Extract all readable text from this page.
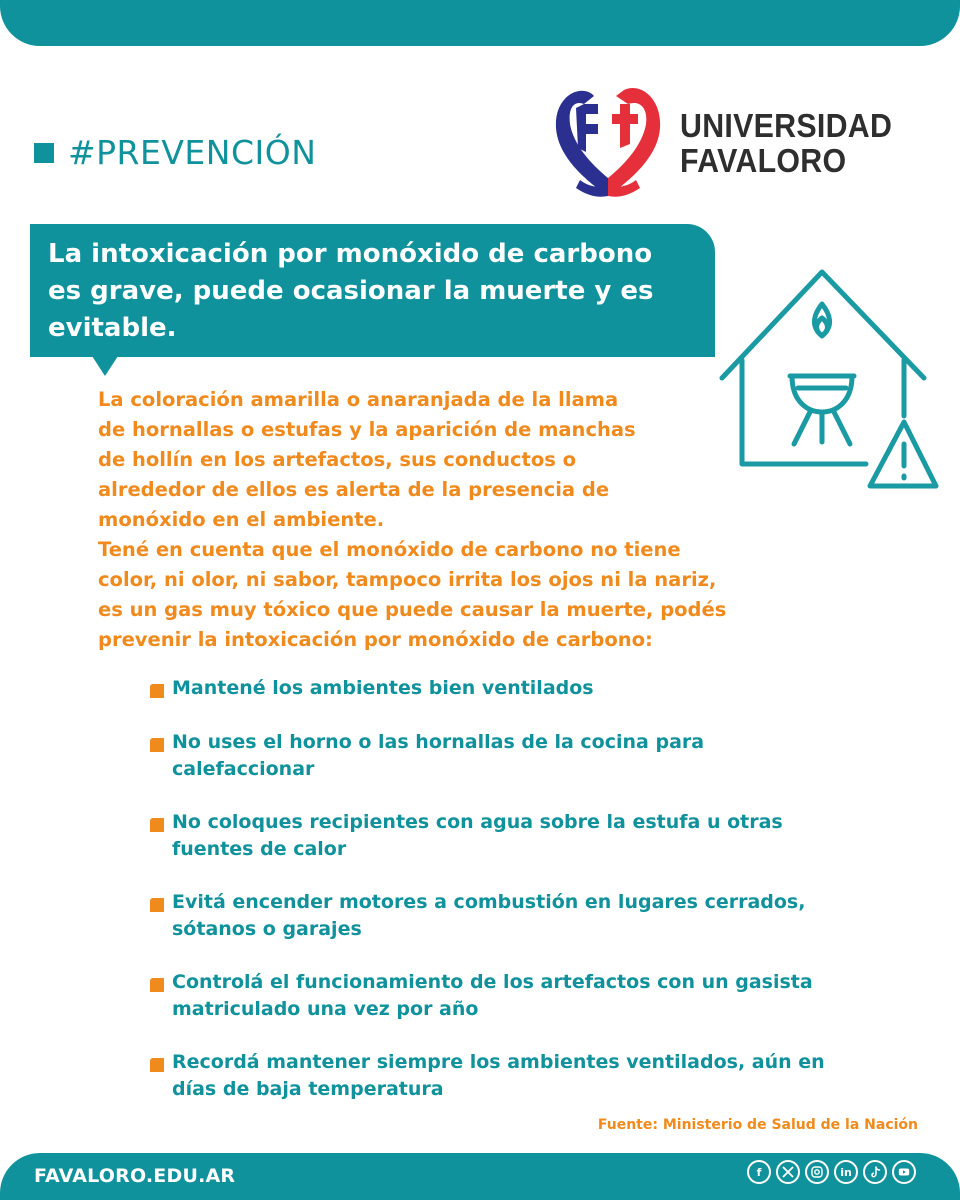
#PREVENCIÓN
UNIVERSIDAD
FAVALORO
La intoxicación por monóxido de carbono es grave, puede ocasionar la muerte y es evitable.

La coloración amarilla o anaranjada de la llama
de hornallas o estufas y la aparición de manchas
de hollín en los artefactos, sus conductos o
alrededor de ellos es alerta de la presencia de
monóxido en el ambiente.

Tené en cuenta que el monóxido de carbono no tiene
color, ni olor, ni sabor, tampoco irrita los ojos ni la nariz,
es un gas muy tóxico que puede causar la muerte, podés
prevenir la intoxicación por monóxido de carbono:

Mantené los ambientes bien ventilados
No uses el horno o las hornallas de la cocina para
calefaccionar
No coloques recipientes con agua sobre la estufa u otras
fuentes de calor
Evitá encender motores a combustión en lugares cerrados,
sótanos o garajes
Controlá el funcionamiento de los artefactos con un gasista
matriculado una vez por año
Recordá mantener siempre los ambientes ventilados, aún en
días de baja temperatura
Fuente: Ministerio de Salud de la Nación
FAVALORO.EDU.AR	f	in
